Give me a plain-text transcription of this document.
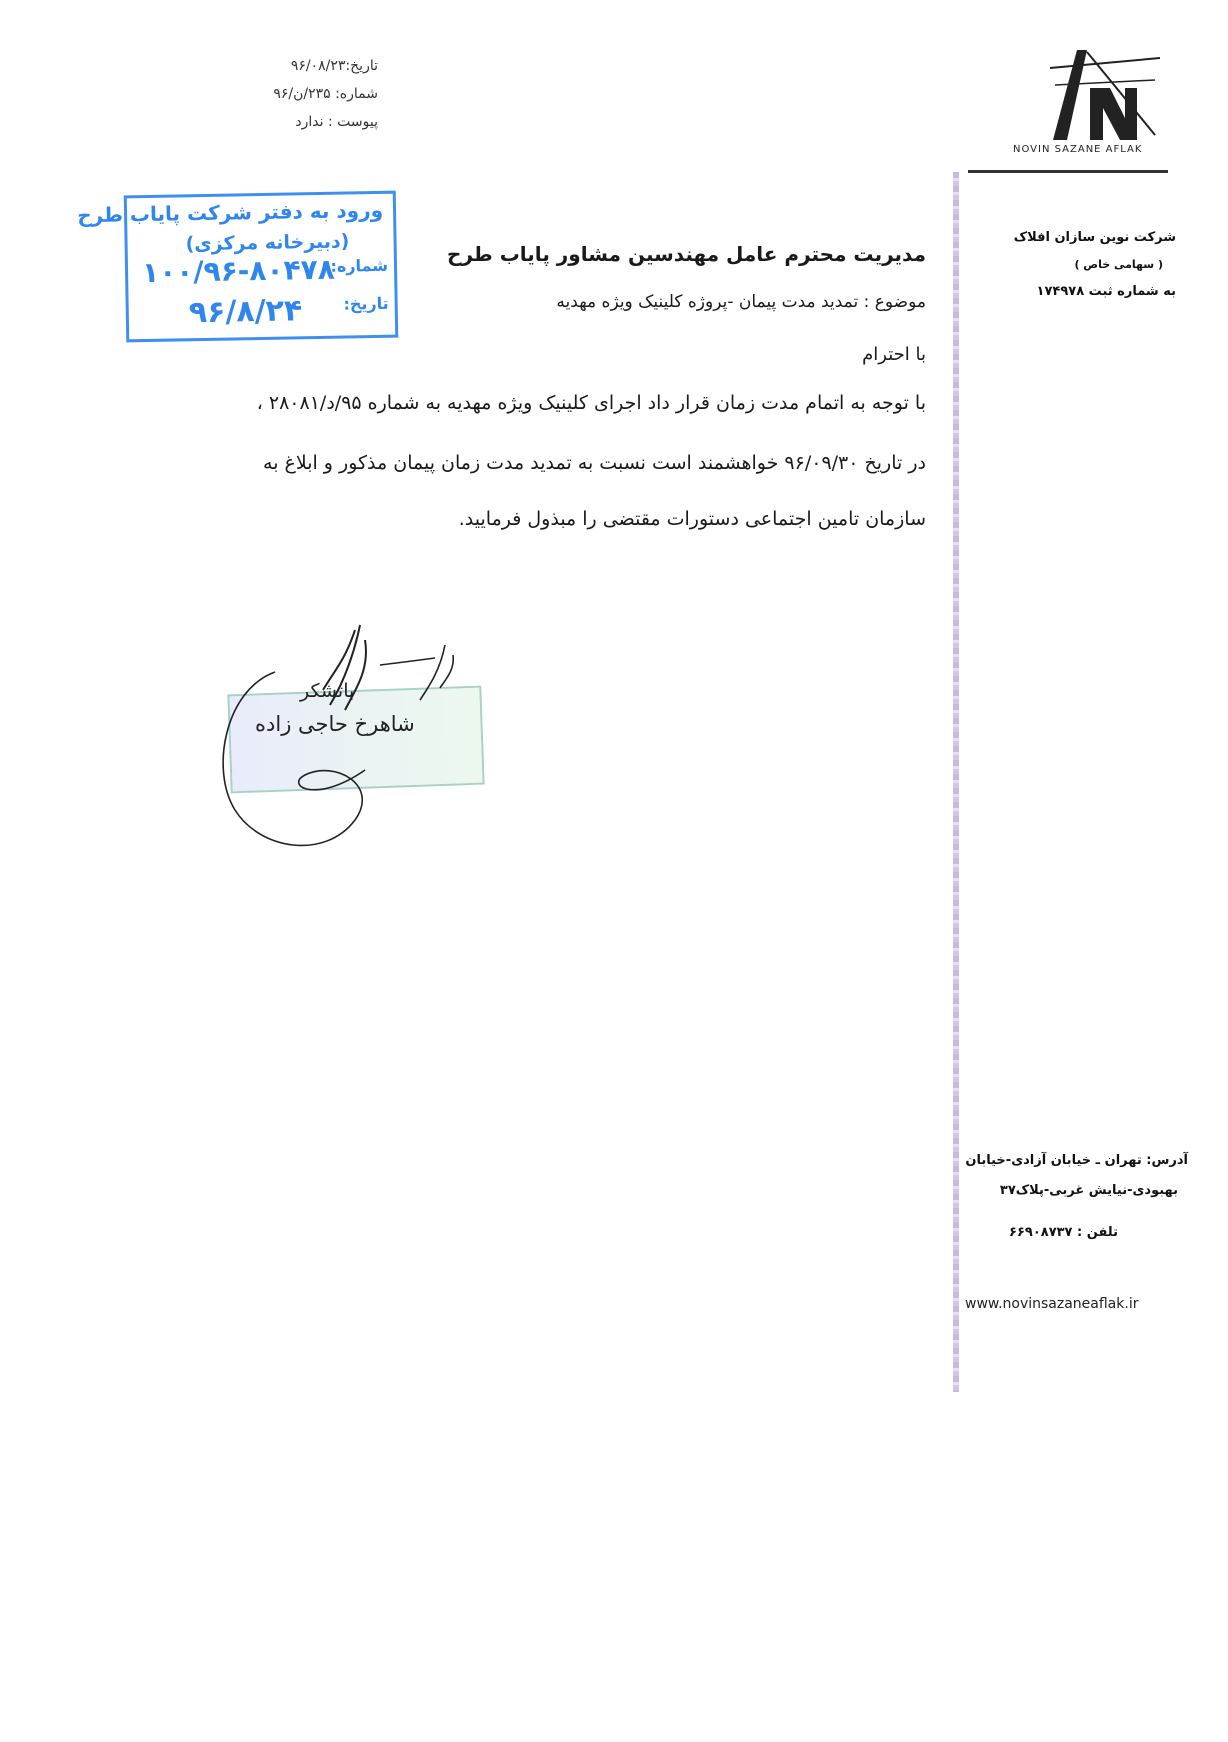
تاریخ:۹۶/۰۸/۲۳
شماره: ۲۳۵/ن/۹۶
پیوست : ندارد
NOVIN SAZANE AFLAK
شرکت نوین سازان افلاک
( سهامی خاص )
به شماره ثبت ۱۷۴۹۷۸
آدرس: تهران ـ خیابان آزادی-خیابان
بهبودی-نیایش غربی-پلاک۳۷
تلفن : ۶۶۹۰۸۷۳۷
www.novinsazaneaflak.ir
ورود به دفتر شرکت پایاب طرح
(دبیرخانه مرکزی)
شماره:
۱۰۰/۹۶-۸۰۴۷۸
تاریخ:
۹۶/۸/۲۴
مدیریت محترم عامل مهندسین مشاور پایاب طرح
موضوع : تمدید مدت پیمان -پروژه کلینیک ویژه مهدیه
با احترام
با توجه به اتمام مدت زمان قرار داد اجرای کلینیک ویژه مهدیه به شماره ۹۵/د/۲۸۰۸۱ ،
در تاریخ ۹۶/۰۹/۳۰ خواهشمند است نسبت به تمدید مدت زمان پیمان مذکور و ابلاغ به
سازمان تامین اجتماعی دستورات مقتضی را مبذول فرمایید.
باتشکر
شاهرخ حاجی زاده
